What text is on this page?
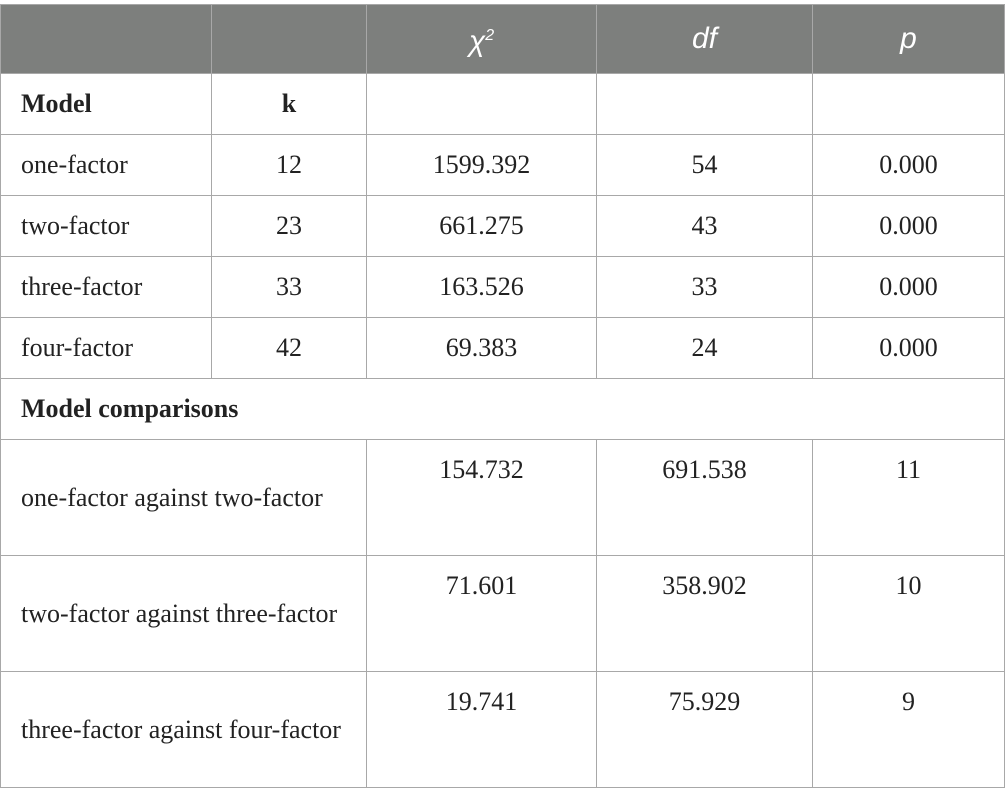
		$\chi^2$	df	p
Model	k			
one-factor	12	1599.392	54	0.000
two-factor	23	661.275	43	0.000
three-factor	33	163.526	33	0.000
four-factor	42	69.383	24	0.000
Model comparisons				
one-factor against two-factor		154.732	691.538	11
two-factor against three-factor		71.601	358.902	10
three-factor against four-factor		19.741	75.929	9
